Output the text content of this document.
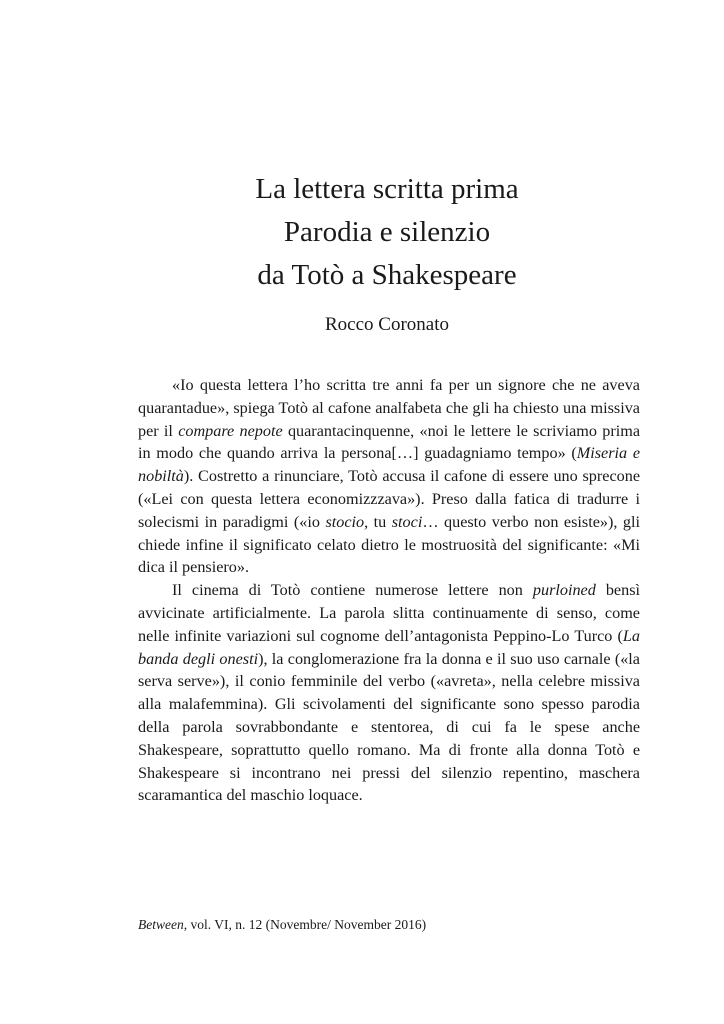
La lettera scritta prima
Parodia e silenzio
da Totò a Shakespeare
Rocco Coronato

«Io questa lettera l’ho scritta tre anni fa per un signore che ne aveva quarantadue», spiega Totò al cafone analfabeta che gli ha chiesto una missiva per il compare nepote quarantacinquenne, «noi le lettere le scriviamo prima in modo che quando arriva la persona[…] guadagniamo tempo» (Miseria e nobiltà). Costretto a rinunciare, Totò accusa il cafone di essere uno sprecone («Lei con questa lettera economizzzava»). Preso dalla fatica di tradurre i solecismi in paradigmi («io stocio, tu stoci… questo verbo non esiste»), gli chiede infine il significato celato dietro le mostruosità del significante: «Mi dica il pensiero».

Il cinema di Totò contiene numerose lettere non purloined bensì avvicinate artificialmente. La parola slitta continuamente di senso, come nelle infinite variazioni sul cognome dell’antagonista Peppino-Lo Turco (La banda degli onesti), la conglomerazione fra la donna e il suo uso carnale («la serva serve»), il conio femminile del verbo («avreta», nella celebre missiva alla malafemmina). Gli scivolamenti del significante sono spesso parodia della parola sovrabbondante e stentorea, di cui fa le spese anche Shakespeare, soprattutto quello romano. Ma di fronte alla donna Totò e Shakespeare si incontrano nei pressi del silenzio repentino, maschera scaramantica del maschio loquace.

Between, vol. VI, n. 12 (Novembre/ November 2016)
